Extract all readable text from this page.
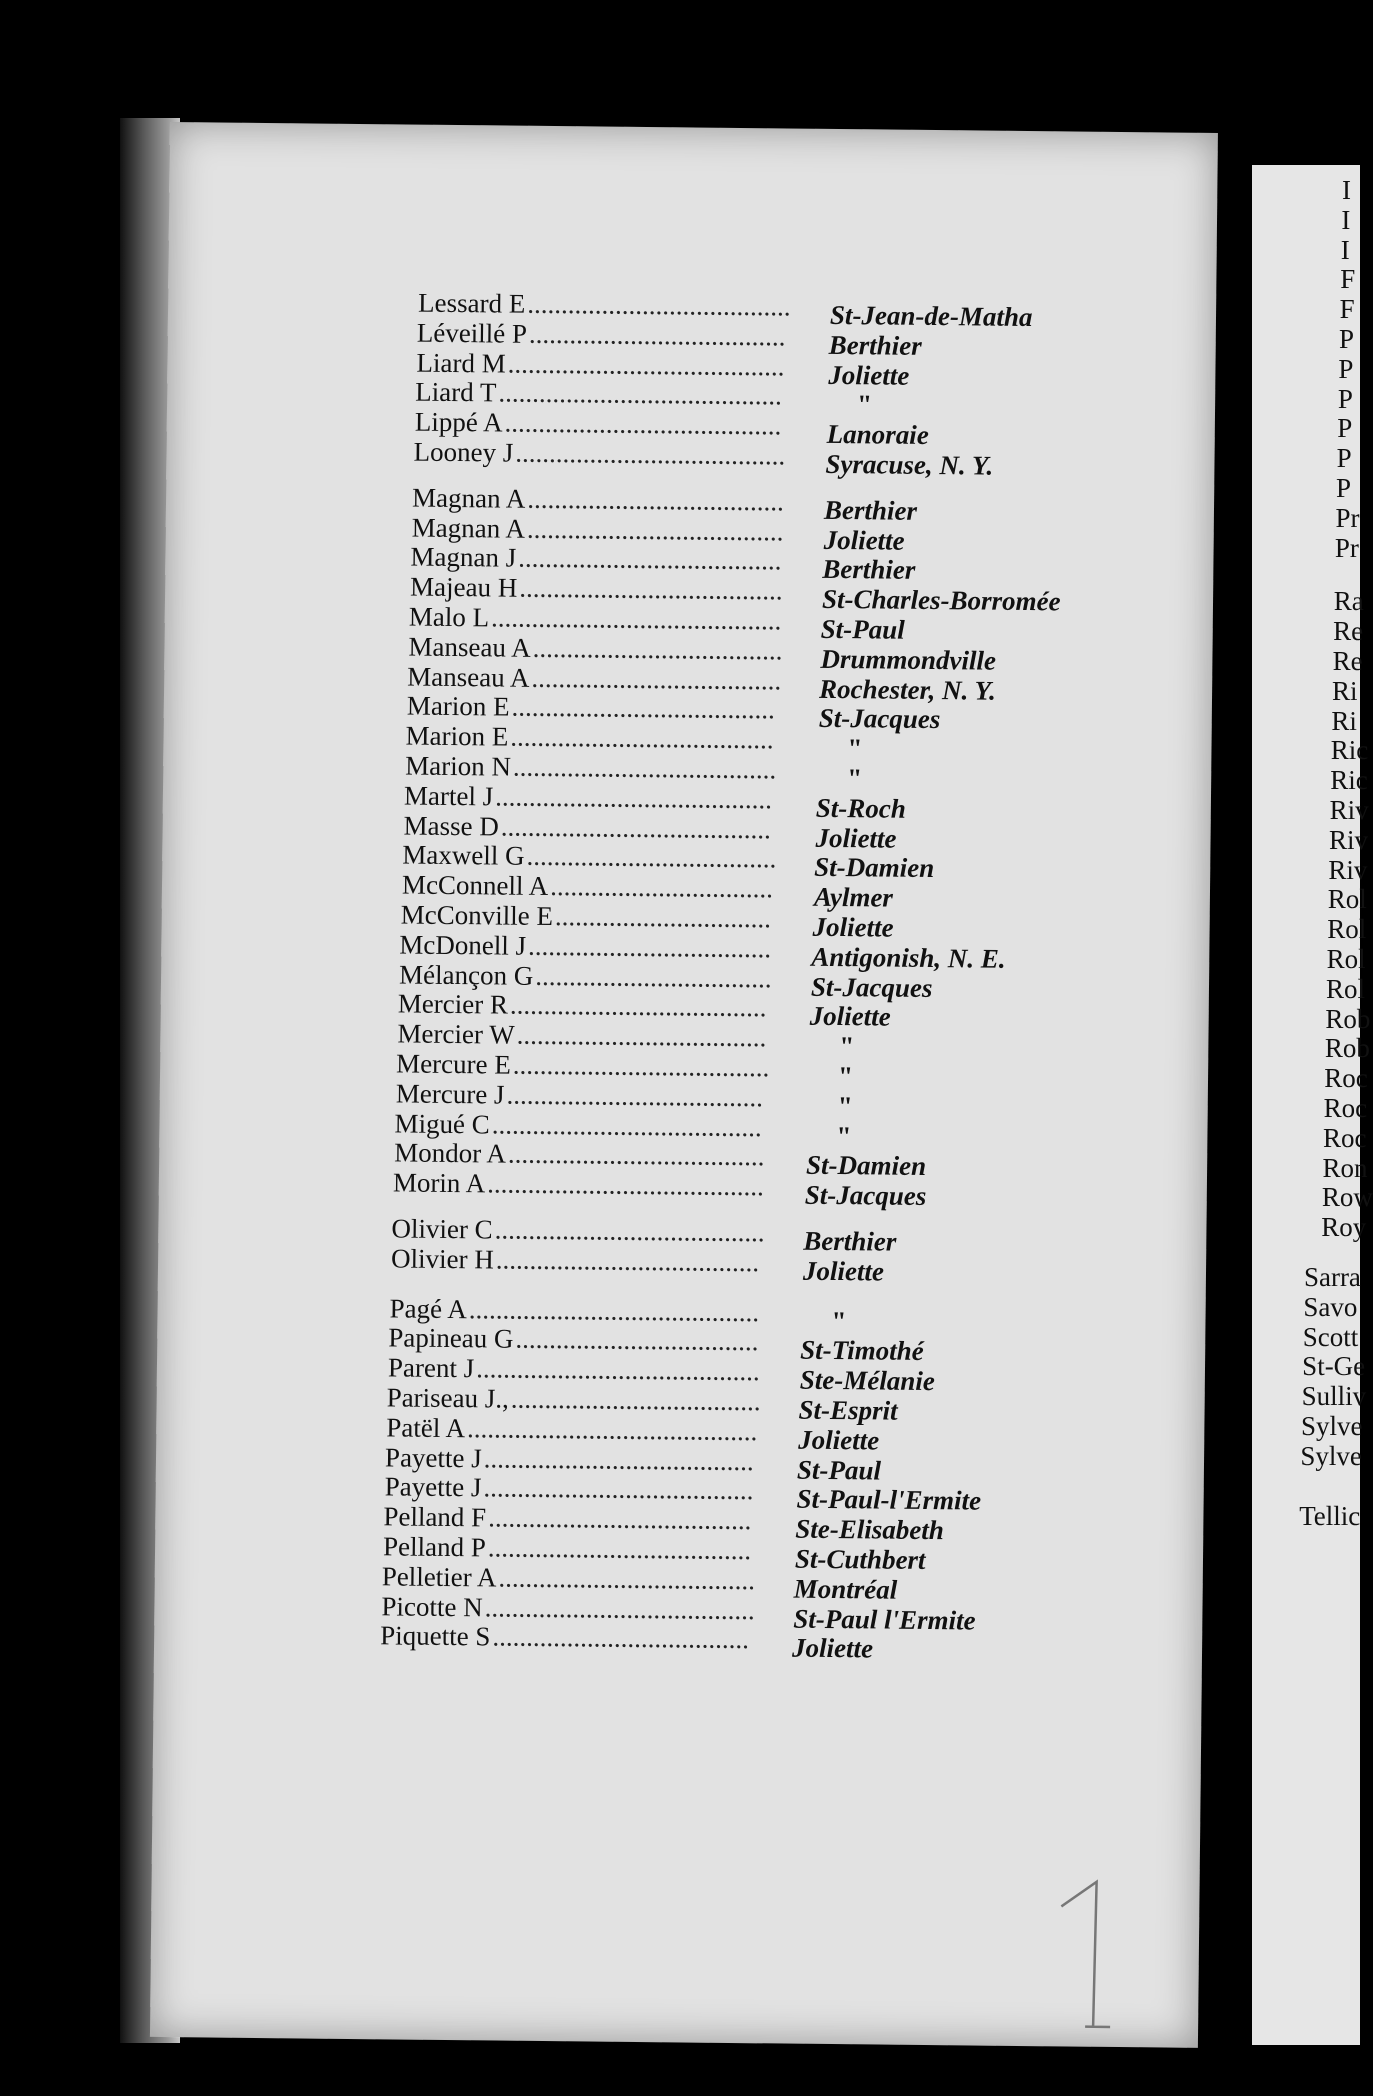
Lessard E....................................... St-Jean-de-Matha
Léveillé P...................................... Berthier
Liard M......................................... Joliette
Liard T..........................................	"
Lippé A......................................... Lanoraie
Looney J........................................ Syracuse, N. Y.
Magnan A...................................... Berthier
Magnan A...................................... Joliette
Magnan J....................................... Berthier
Majeau H....................................... St-Charles-Borromée
Malo L........................................... St-Paul
Manseau A..................................... Drummondville
Manseau A..................................... Rochester, N. Y.
Marion E....................................... St-Jacques
Marion E.......................................	"
Marion N.......................................	"
Martel J......................................... St-Roch
Masse D........................................ Joliette
Maxwell G..................................... St-Damien
McConnell A................................. Aylmer
McConville E................................ Joliette
McDonell J.................................... Antigonish, N. E.
Mélançon G................................... St-Jacques
Mercier R...................................... Joliette
Mercier W.....................................	"
Mercure E......................................	"
Mercure J......................................	"
Migué C........................................	"
Mondor A...................................... St-Damien
Morin A......................................... St-Jacques
Olivier C........................................ Berthier
Olivier H....................................... Joliette
Pagé A...........................................	"
Papineau G.................................... St-Timothé
Parent J.......................................... Ste-Mélanie
Pariseau J.,..................................... St-Esprit
Patël A........................................... Joliette
Payette J........................................ St-Paul
Payette J........................................ St-Paul-l'Ermite
Pelland F....................................... Ste-Elisabeth
Pelland P....................................... St-Cuthbert
Pelletier A...................................... Montréal
Picotte N........................................ St-Paul l'Ermite
Piquette S...................................... Joliette
I
I
I
F
F
P
P
P
P
P
P
Pr
Pr
Ra
Re
Re
Ri
Ri
Ric
Ric
Riv
Riv
Riv
Rol
Rol
Rol
Rol
Rob
Rob
Roc
Roc
Roc
Ron
Row
Roy
Sarra
Savo
Scott
St-Ge
Sulliv
Sylve
Sylve
Tellic
